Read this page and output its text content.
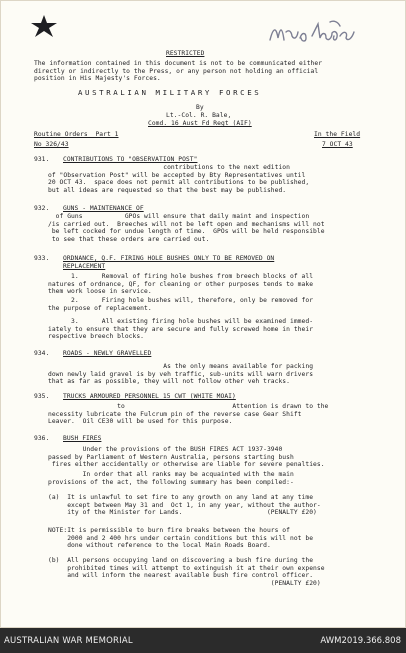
RESTRICTED
The information contained in this document is not to be communicated either
directly or indirectly to the Press, or any person not holding an official
position in His Majesty's Forces.
AUSTRALIAN MILITARY FORCES
By
Lt.-Col. R. Bale,
Comd. 16 Aust Fd Regt (AIF)
Routine Orders  Part 1
No 326/43
In the Field
7 OCT 43
931. CONTRIBUTIONS TO "OBSERVATION POST"
contributions to the next edition
of "Observation Post" will be accepted by Bty Representatives until
20 OCT 43.  space does not permit all contributions to be published,
but all ideas are requested so that the best may be published.
932. GUNS - MAINTENANCE OF
of Guns           GPOs will ensure that daily maint and inspection
/is carried out.  Breeches will not be left open and mechanisms will not
be left cocked for undue length of time.  GPOs will be held responsible
to see that these orders are carried out.
933. ORDNANCE, Q.F. FIRING HOLE BUSHES ONLY TO BE REMOVED ON
REPLACEMENT
1.      Removal of firing hole bushes from breech blocks of all
natures of ordnance, QF, for cleaning or other purposes tends to make
them work loose in service.
2.      Firing hole bushes will, therefore, only be removed for
the purpose of replacement.
3.      All existing firing hole bushes will be examined immed-
iately to ensure that they are secure and fully screwed home in their
respective breech blocks.
934. ROADS - NEWLY GRAVELLED
As the only means available for packing
down newly laid gravel is by veh traffic, sub-units will warn drivers
that as far as possible, they will not follow other veh tracks.
935. TRUCKS ARMOURED PERSONNEL 15 CWT (WHITE MOAI)
to                            Attention is drawn to the
necessity lubricate the Fulcrum pin of the reverse case Gear Shift
Leaver.  Oil CE30 will be used for this purpose.
936. BUSH FIRES
Under the provisions of the BUSH FIRES ACT 1937-3940
passed by Parliament of Western Australia, persons starting bush
fires either accidentally or otherwise are liable for severe penalties.
In order that all ranks may be acquainted with the main
provisions of the act, the following summary has been compiled:-
(a)  It is unlawful to set fire to any growth on any land at any time
except between May 31 and  Oct 1, in any year, without the author-
ity of the Minister for Lands.                      (PENALTY £20)
NOTE:It is permissible to burn fire breaks between the hours of
2000 and 2 400 hrs under certain conditions but this will not be
done without reference to the local Main Roads Board.
(b)  All persons occupying land on discovering a bush fire during the
prohibited times will attempt to extinguish it at their own expense
and will inform the nearest available bush fire control officer.
(PENALTY £20)
AUSTRALIAN WAR MEMORIAL	AWM2019.366.808
